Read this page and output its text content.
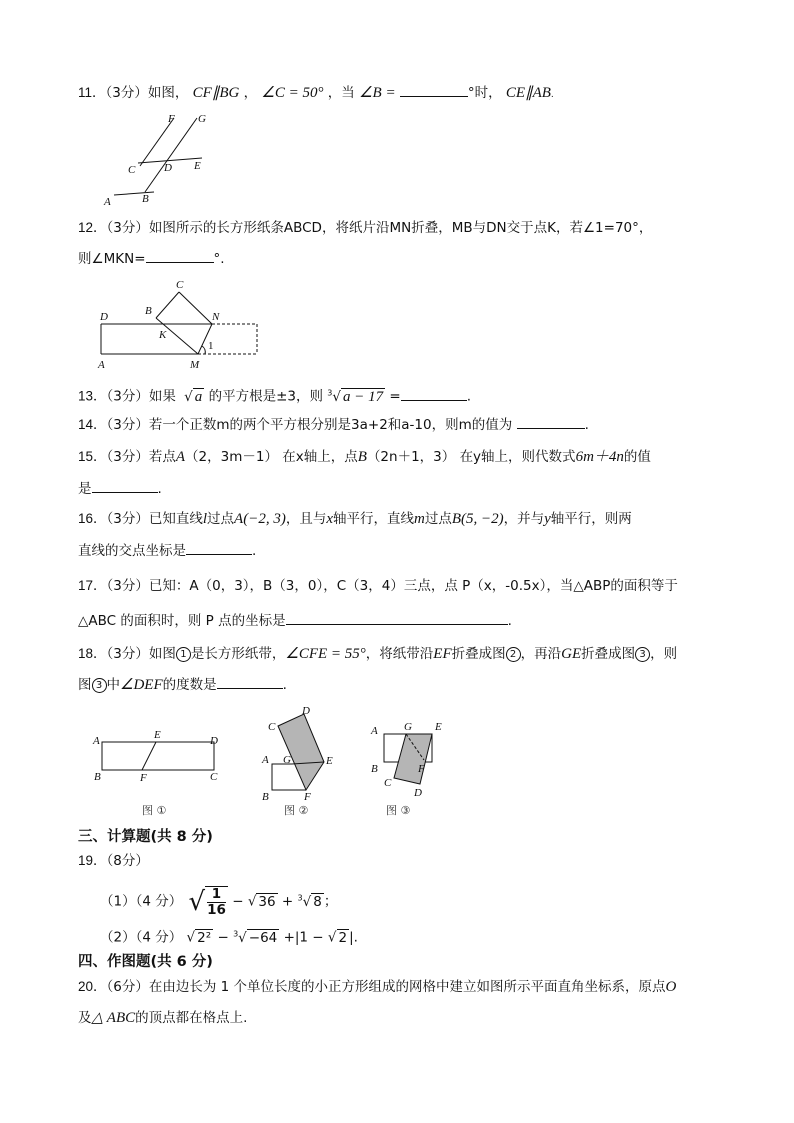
11．（3分）如图， CF∥BG ， ∠C = 50° ，当 ∠B =	°时， CE∥AB.
F G
C	D E
A	B
12．（3分）如图所示的长方形纸条ABCD，将纸片沿MN折叠，MB与DN交于点K，若∠1=70°，
则∠MKN=	°.
C
B
D	N
K
1
A	M
13．（3分）如果 √ a 的平方根是±3，则 $^3$√ a − 17 =	.
14．（3分）若一个正数m的两个平方根分别是3a+2和a-10，则m的值为	.
15．（3分）若点A（2，3m－1） 在x轴上，点B（2n＋1，3） 在y轴上，则代数式6m＋4n的值
是	.
16．（3分）已知直线l过点A(−2, 3)，且与x轴平行，直线m过点B(5, −2)，并与y轴平行，则两
直线的交点坐标是	.
17．（3分）已知：A（0，3），B（3，0），C（3，4）三点，点 P（x，-0.5x），当△ABP的面积等于
△ABC 的面积时，则 P 点的坐标是	.
18．（3分）如图 1 是长方形纸带，∠CFE = 55°，将纸带沿EF折叠成图 2 ，再沿GE折叠成图 3 ，则
图 3 中∠DEF的度数是	.
A	E	D
B	F	C
图 ①
D
C
A G	E
B	F
图 ②
A G E
B	F
C
D
图 ③
三、计算题(共 8 分)
19．（8分）
（1）（4 分） √ $\frac{1}{16}$ − √ 36 + $^3$√ 8 ；
（2）（4 分） √ 2² − $^3$√ −64 +|1 − √ 2 |.
四、作图题(共 6 分)
20．（6分）在由边长为 1 个单位长度的小正方形组成的网格中建立如图所示平面直角坐标系，原点O
及△ ABC的顶点都在格点上.
